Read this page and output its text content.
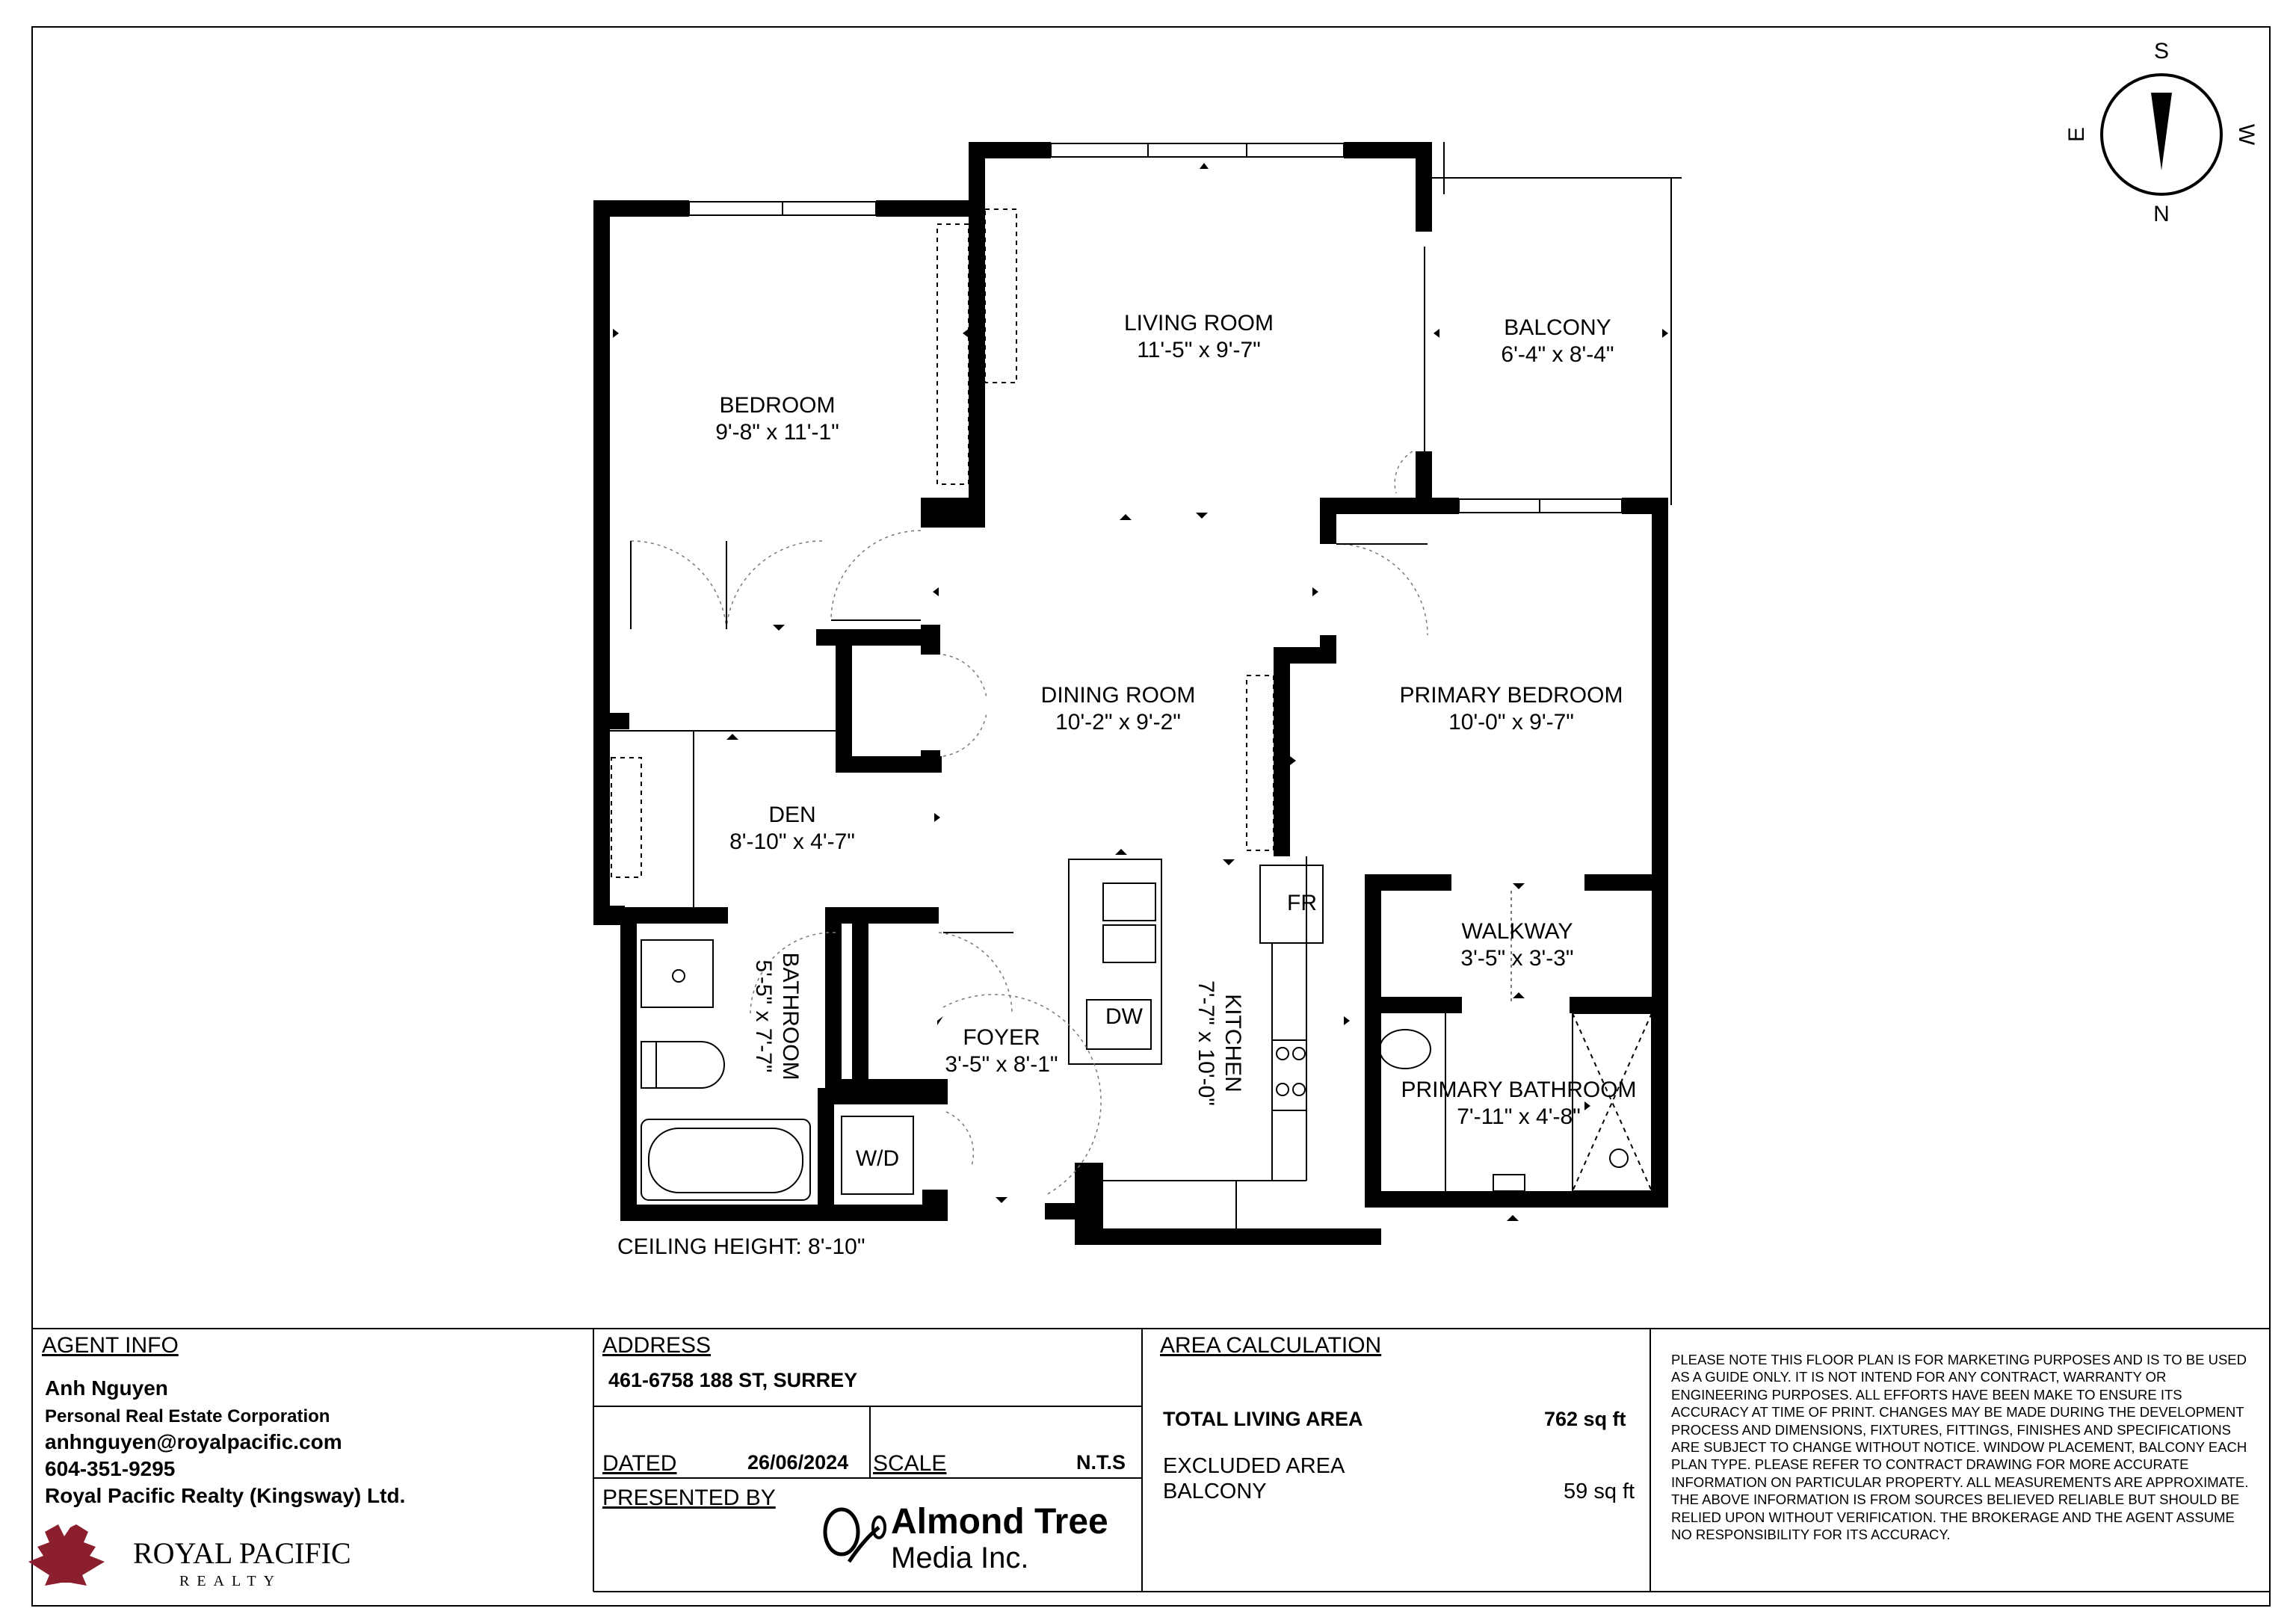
BEDROOM
9'-8" x 11'-1"
LIVING ROOM
11'-5" x 9'-7"
BALCONY
6'-4" x 8'-4"
DINING ROOM
10'-2" x 9'-2"
PRIMARY BEDROOM
10'-0" x 9'-7"
DEN
8'-10" x 4'-7"
WALKWAY
3'-5" x 3'-3"
FOYER
3'-5" x 8'-1"
PRIMARY BATHROOM
7'-11" x 4'-8"
BATHROOM
5'-5" x 7'-7"	KITCHEN
7'-7" x 10'-0"
FR
DW
W/D
CEILING HEIGHT: 8'-10"
S
N
E	W
ROYAL PACIFIC
REALTY
Almond Tree
Media Inc.
AGENT INFO
Anh Nguyen
Personal Real Estate Corporation
anhnguyen@royalpacific.com
604-351-9295
Royal Pacific Realty (Kingsway) Ltd.
ADDRESS
461-6758 188 ST, SURREY
DATED	26/06/2024 SCALE	N.T.S
PRESENTED BY
AREA CALCULATION
TOTAL LIVING AREA	762 sq ft
EXCLUDED AREA
BALCONY	59 sq ft
PLEASE NOTE THIS FLOOR PLAN IS FOR MARKETING PURPOSES AND IS TO BE USED AS A GUIDE ONLY. IT IS NOT INTEND FOR ANY CONTRACT, WARRANTY OR ENGINEERING PURPOSES. ALL EFFORTS HAVE BEEN MAKE TO ENSURE ITS ACCURACY AT TIME OF PRINT. CHANGES MAY BE MADE DURING THE DEVELOPMENT PROCESS AND DIMENSIONS, FIXTURES, FITTINGS, FINISHES AND SPECIFICATIONS ARE SUBJECT TO CHANGE WITHOUT NOTICE. WINDOW PLACEMENT, BALCONY EACH PLAN TYPE. PLEASE REFER TO CONTRACT DRAWING FOR MORE ACCURATE INFORMATION ON PARTICULAR PROPERTY. ALL MEASUREMENTS ARE APPROXIMATE. THE ABOVE INFORMATION IS FROM SOURCES BELIEVED RELIABLE BUT SHOULD BE RELIED UPON WITHOUT VERIFICATION. THE BROKERAGE AND THE AGENT ASSUME NO RESPONSIBILITY FOR ITS ACCURACY.
